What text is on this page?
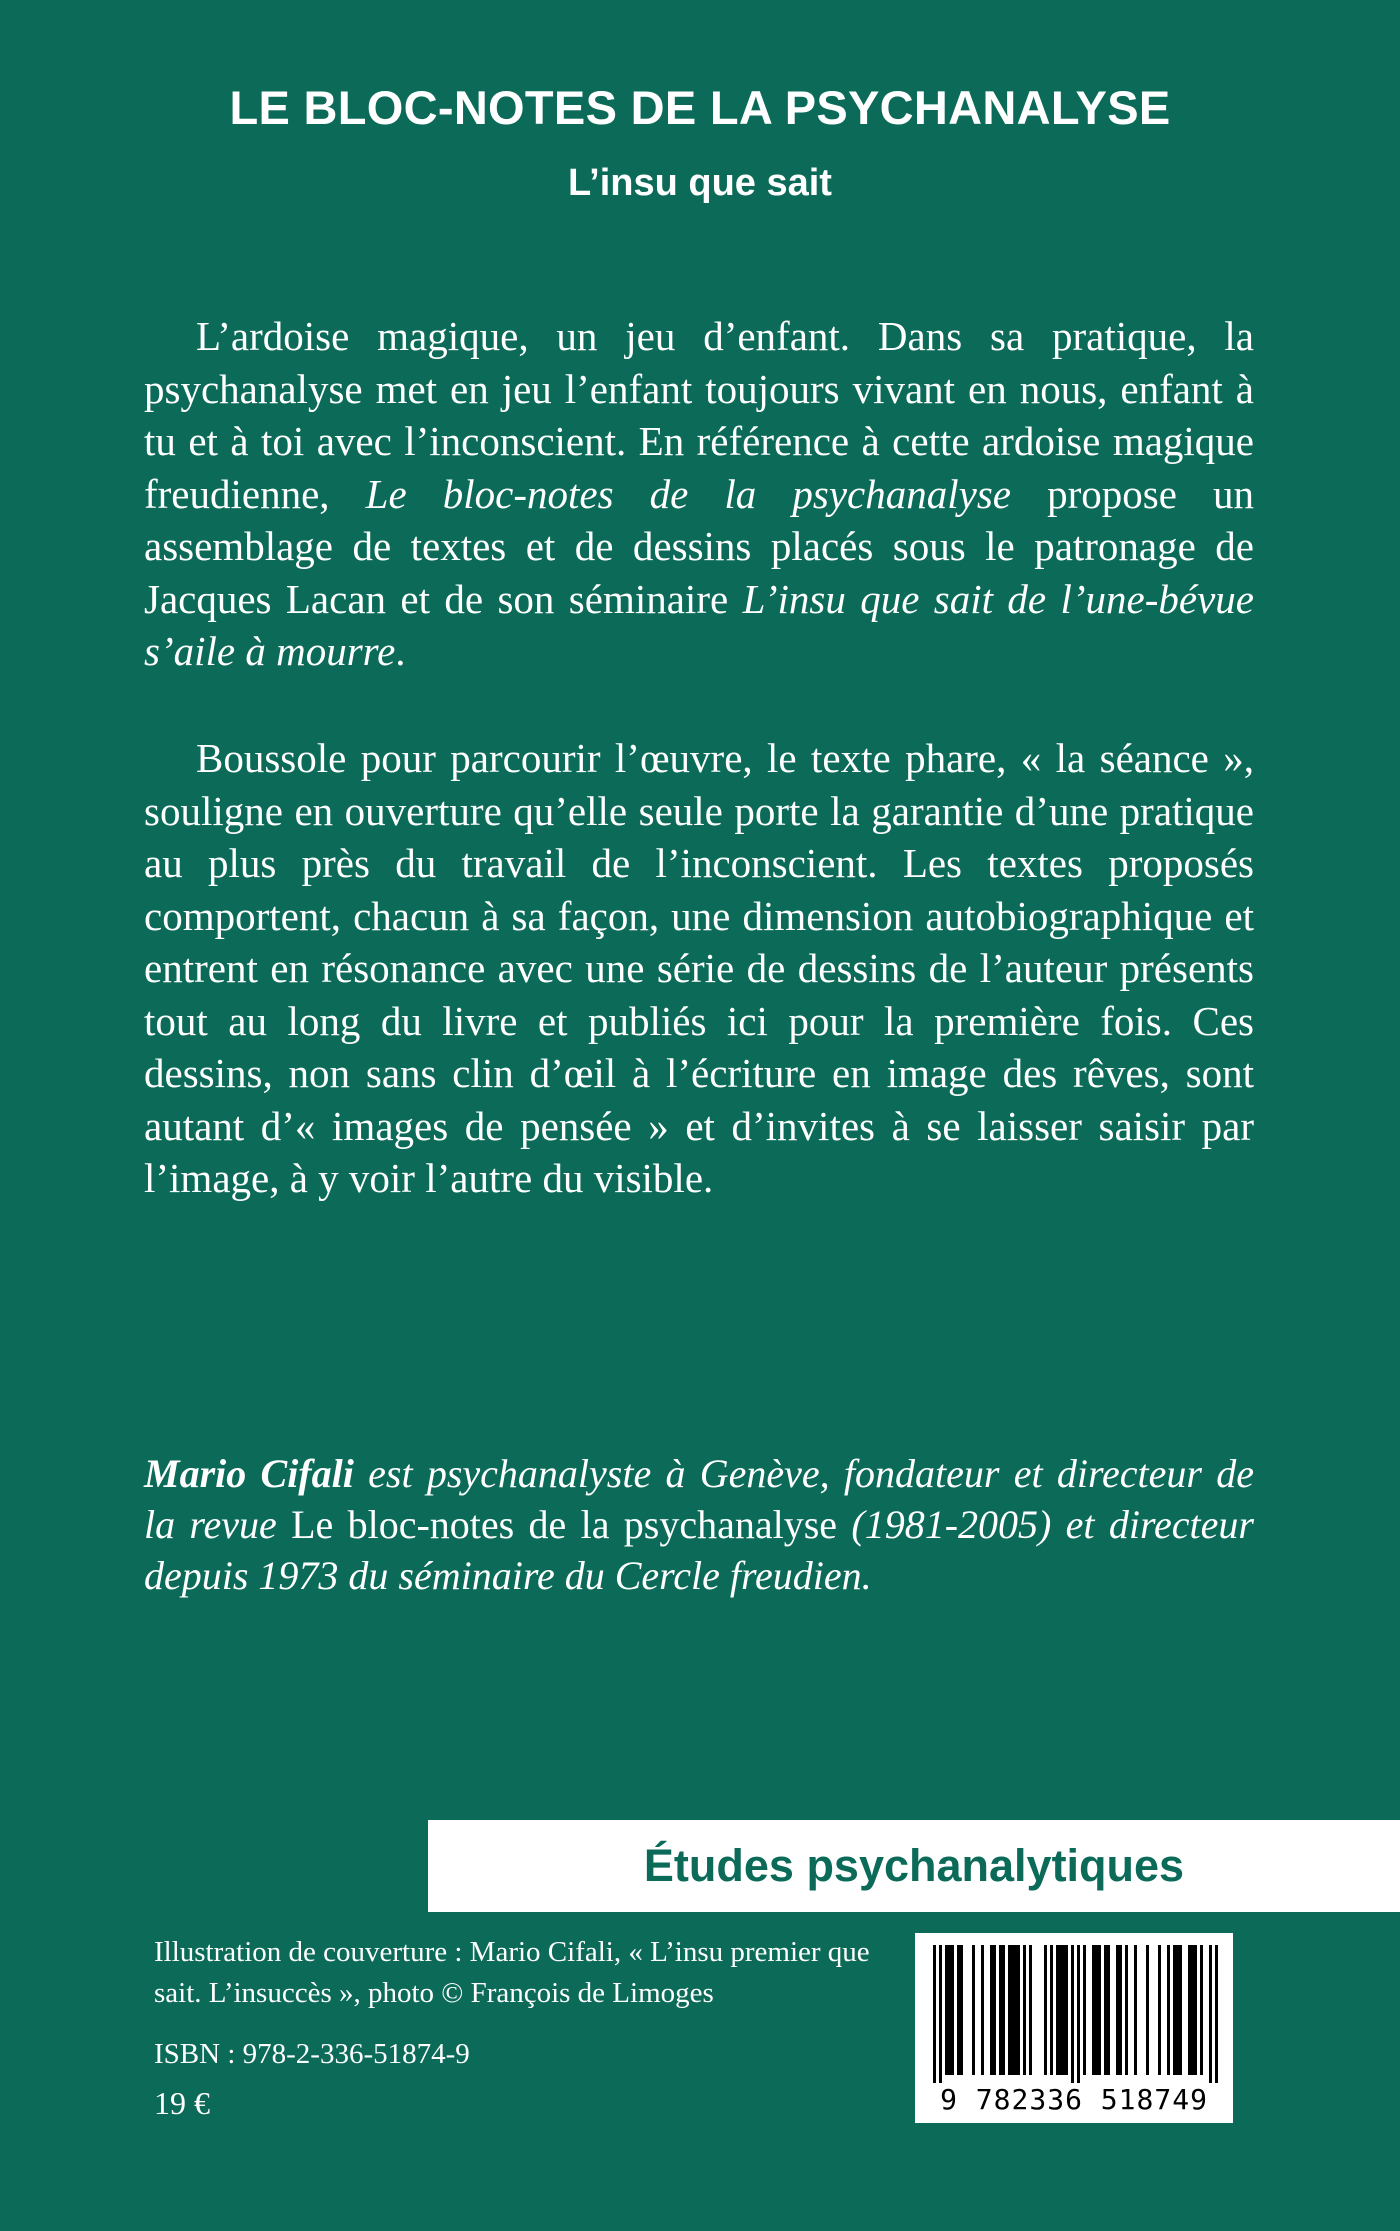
LE BLOC-NOTES DE LA PSYCHANALYSE
L’insu que sait

L’ardoise magique, un jeu d’enfant. Dans sa pratique, la psychanalyse met en jeu l’enfant toujours vivant en nous, enfant à tu et à toi avec l’inconscient. En référence à cette ardoise magique freudienne, Le bloc-notes de la psychanalyse propose un assemblage de textes et de dessins placés sous le patronage de Jacques Lacan et de son séminaire L’insu que sait de l’une-bévue s’aile à mourre.

Boussole pour parcourir l’œuvre, le texte phare, « la séance », souligne en ouverture qu’elle seule porte la garantie d’une pratique au plus près du travail de l’inconscient. Les textes proposés comportent, chacun à sa façon, une dimension autobiographique et entrent en résonance avec une série de dessins de l’auteur présents tout au long du livre et publiés ici pour la première fois. Ces dessins, non sans clin d’œil à l’écriture en image des rêves, sont autant d’« images de pensée » et d’invites à se laisser saisir par l’image, à y voir l’autre du visible.

Mario Cifali est psychanalyste à Genève, fondateur et directeur de la revue Le bloc-notes de la psychanalyse (1981-2005) et directeur depuis 1973 du séminaire du Cercle freudien.

Études psychanalytiques

Illustration de couverture : Mario Cifali, « L’insu premier que sait. L’insuccès », photo © François de Limoges

ISBN : 978-2-336-51874-9

19 €	9 782336 518749
